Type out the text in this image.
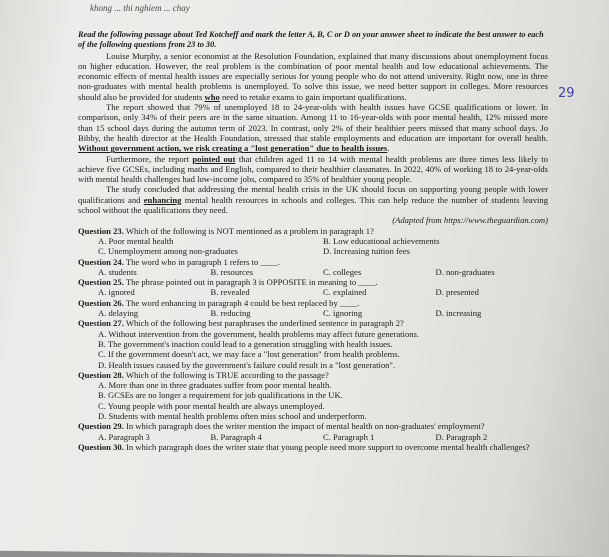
khong ... thi nghiem ... chay
29
Read the following passage about Ted Kotcheff and mark the letter A, B, C or D on your answer sheet to indicate the best answer to each of the following questions from 23 to 30.
Louise Murphy, a senior economist at the Resolution Foundation, explained that many discussions about unemployment focus on higher education. However, the real problem is the combination of poor mental health and low educational achievements. The economic effects of mental health issues are especially serious for young people who do not attend university. Right now, one in three non-graduates with mental health problems is unemployed. To solve this issue, we need better support in colleges. More resources should also be provided for students who need to retake exams to gain important qualifications.
The report showed that 79% of unemployed 18 to 24-year-olds with health issues have GCSE qualifications or lower. In comparison, only 34% of their peers are in the same situation. Among 11 to 16-year-olds with poor mental health, 12% missed more than 15 school days during the autumn term of 2023. In contrast, only 2% of their healthier peers missed that many school days. Jo Bibby, the health director at the Health Foundation, stressed that stable employments and education are important for overall health. Without government action, we risk creating a "lost generation" due to health issues.
Furthermore, the report pointed out that children aged 11 to 14 with mental health problems are three times less likely to achieve five GCSEs, including maths and English, compared to their healthier classmates. In 2022, 40% of working 18 to 24-year-olds with mental health challenges had low-income jobs, compared to 35% of healthier young people.
The study concluded that addressing the mental health crisis in the UK should focus on supporting young people with lower qualifications and enhancing mental health resources in schools and colleges. This can help reduce the number of students leaving school without the qualifications they need.
(Adapted from https://www.theguardian.com)
Question 23. Which of the following is NOT mentioned as a problem in paragraph 1?
A. Poor mental health	B. Low educational achievements
C. Unemployment among non-graduates	D. Increasing tuition fees
Question 24. The word who in paragraph 1 refers to ____.
A. students	B. resources	C. colleges	D. non-graduates
Question 25. The phrase pointed out in paragraph 3 is OPPOSITE in meaning to ____.
A. ignored	B. revealed	C. explained	D. presented
Question 26. The word enhancing in paragraph 4 could be best replaced by ____.
A. delaying	B. reducing	C. ignoring	D. increasing
Question 27. Which of the following best paraphrases the underlined sentence in paragraph 2?
A. Without intervention from the government, health problems may affect future generations.
B. The government's inaction could lead to a generation struggling with health issues.
C. If the government doesn't act, we may face a "lost generation" from health problems.
D. Health issues caused by the government's failure could result in a "lost generation".
Question 28. Which of the following is TRUE according to the passage?
A. More than one in three graduates suffer from poor mental health.
B. GCSEs are no longer a requirement for job qualifications in the UK.
C. Young people with poor mental health are always unemployed.
D. Students with mental health problems often miss school and underperform.
Question 29. In which paragraph does the writer mention the impact of mental health on non-graduates' employment?
A. Paragraph 3	B. Paragraph 4	C. Paragraph 1	D. Paragraph 2
Question 30. In which paragraph does the writer state that young people need more support to overcome mental health challenges?
